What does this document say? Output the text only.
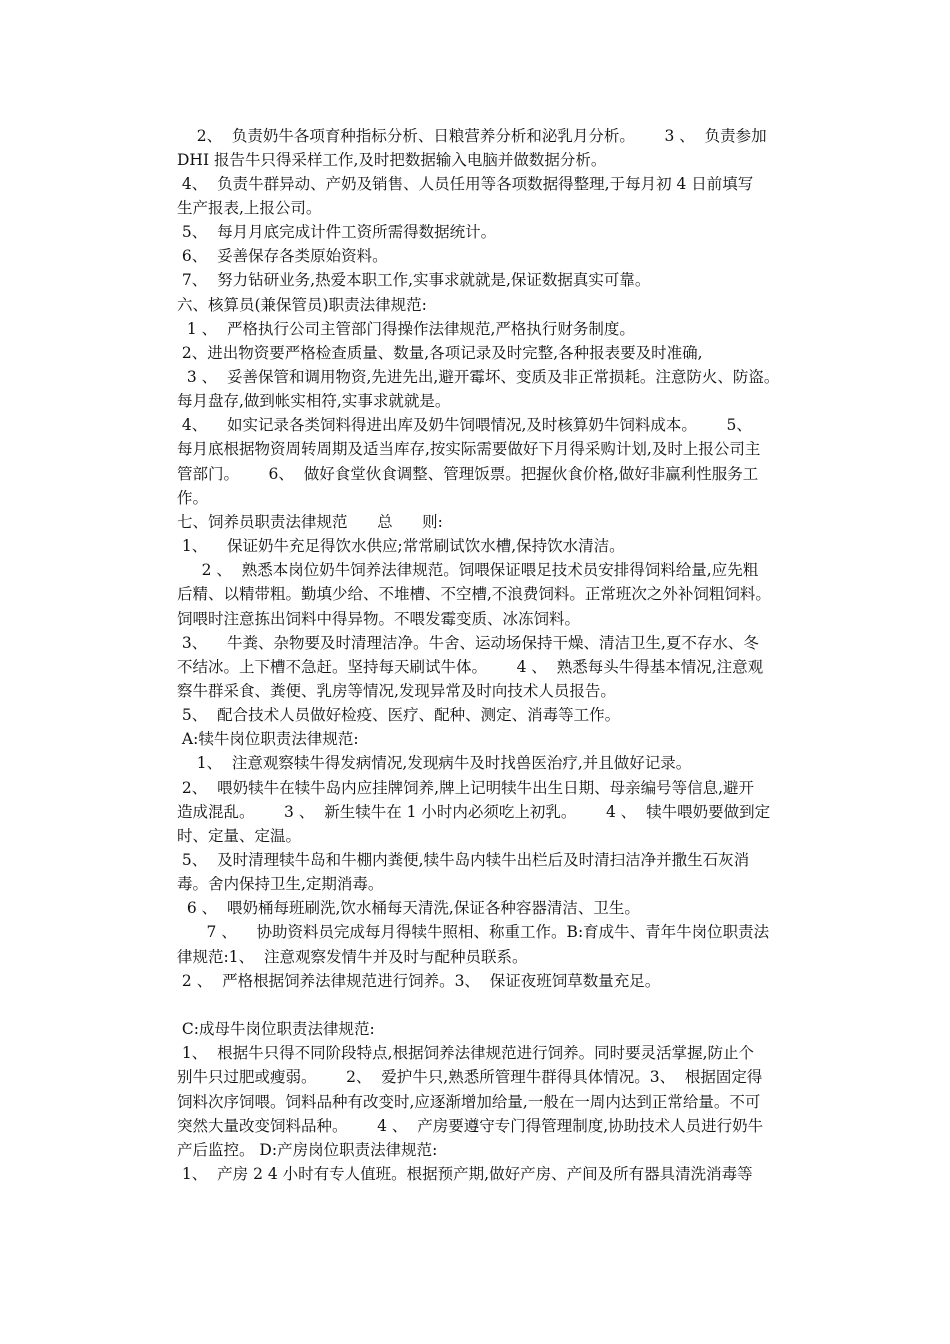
2、  负责奶牛各项育种指标分析、日粮营养分析和泌乳月分析。      3 、  负责参加
DHI 报告牛只得采样工作,及时把数据输入电脑并做数据分析。
4、  负责牛群异动、产奶及销售、人员任用等各项数据得整理,于每月初 4 日前填写
生产报表,上报公司。
5、  每月月底完成计件工资所需得数据统计。
6、  妥善保存各类原始资料。
7、  努力钻研业务,热爱本职工作,实事求就就是,保证数据真实可靠。
六、核算员(兼保管员)职责法律规范:
1 、  严格执行公司主管部门得操作法律规范,严格执行财务制度。
2、进出物资要严格检查质量、数量,各项记录及时完整,各种报表要及时准确,
3 、  妥善保管和调用物资,先进先出,避开霉坏、变质及非正常损耗。注意防火、防盗。
每月盘存,做到帐实相符,实事求就就是。
4、    如实记录各类饲料得进出库及奶牛饲喂情况,及时核算奶牛饲料成本。      5、
每月底根据物资周转周期及适当库存,按实际需要做好下月得采购计划,及时上报公司主
管部门。      6、  做好食堂伙食调整、管理饭票。把握伙食价格,做好非赢利性服务工
作。
七、饲养员职责法律规范      总      则:
1、    保证奶牛充足得饮水供应;常常刷试饮水槽,保持饮水清洁。
2 、  熟悉本岗位奶牛饲养法律规范。饲喂保证喂足技术员安排得饲料给量,应先粗
后精、以精带粗。勤填少给、不堆槽、不空槽,不浪费饲料。正常班次之外补饲粗饲料。
饲喂时注意拣出饲料中得异物。不喂发霉变质、冰冻饲料。
3、    牛粪、杂物要及时清理洁净。牛舍、运动场保持干燥、清洁卫生,夏不存水、冬
不结冰。上下槽不急赶。坚持每天刷试牛体。      4 、  熟悉每头牛得基本情况,注意观
察牛群采食、粪便、乳房等情况,发现异常及时向技术人员报告。
5、  配合技术人员做好检疫、医疗、配种、测定、消毒等工作。
A:犊牛岗位职责法律规范:
1、  注意观察犊牛得发病情况,发现病牛及时找兽医治疗,并且做好记录。
2、  喂奶犊牛在犊牛岛内应挂牌饲养,牌上记明犊牛出生日期、母亲编号等信息,避开
造成混乱。      3 、  新生犊牛在 1 小时内必须吃上初乳。      4 、  犊牛喂奶要做到定
时、定量、定温。
5、  及时清理犊牛岛和牛棚内粪便,犊牛岛内犊牛出栏后及时清扫洁净并撒生石灰消
毒。舍内保持卫生,定期消毒。
6 、  喂奶桶每班刷洗,饮水桶每天清洗,保证各种容器清洁、卫生。
7 、    协助资料员完成每月得犊牛照相、称重工作。B:育成牛、青年牛岗位职责法
律规范:1、  注意观察发情牛并及时与配种员联系。
2 、  严格根据饲养法律规范进行饲养。3、  保证夜班饲草数量充足。
C:成母牛岗位职责法律规范:
1、  根据牛只得不同阶段特点,根据饲养法律规范进行饲养。同时要灵活掌握,防止个
别牛只过肥或瘦弱。      2、  爱护牛只,熟悉所管理牛群得具体情况。3、  根据固定得
饲料次序饲喂。饲料品种有改变时,应逐渐增加给量,一般在一周内达到正常给量。不可
突然大量改变饲料品种。      4 、  产房要遵守专门得管理制度,协助技术人员进行奶牛
产后监控。 D:产房岗位职责法律规范:
1、  产房 2 4 小时有专人值班。根据预产期,做好产房、产间及所有器具清洗消毒等
